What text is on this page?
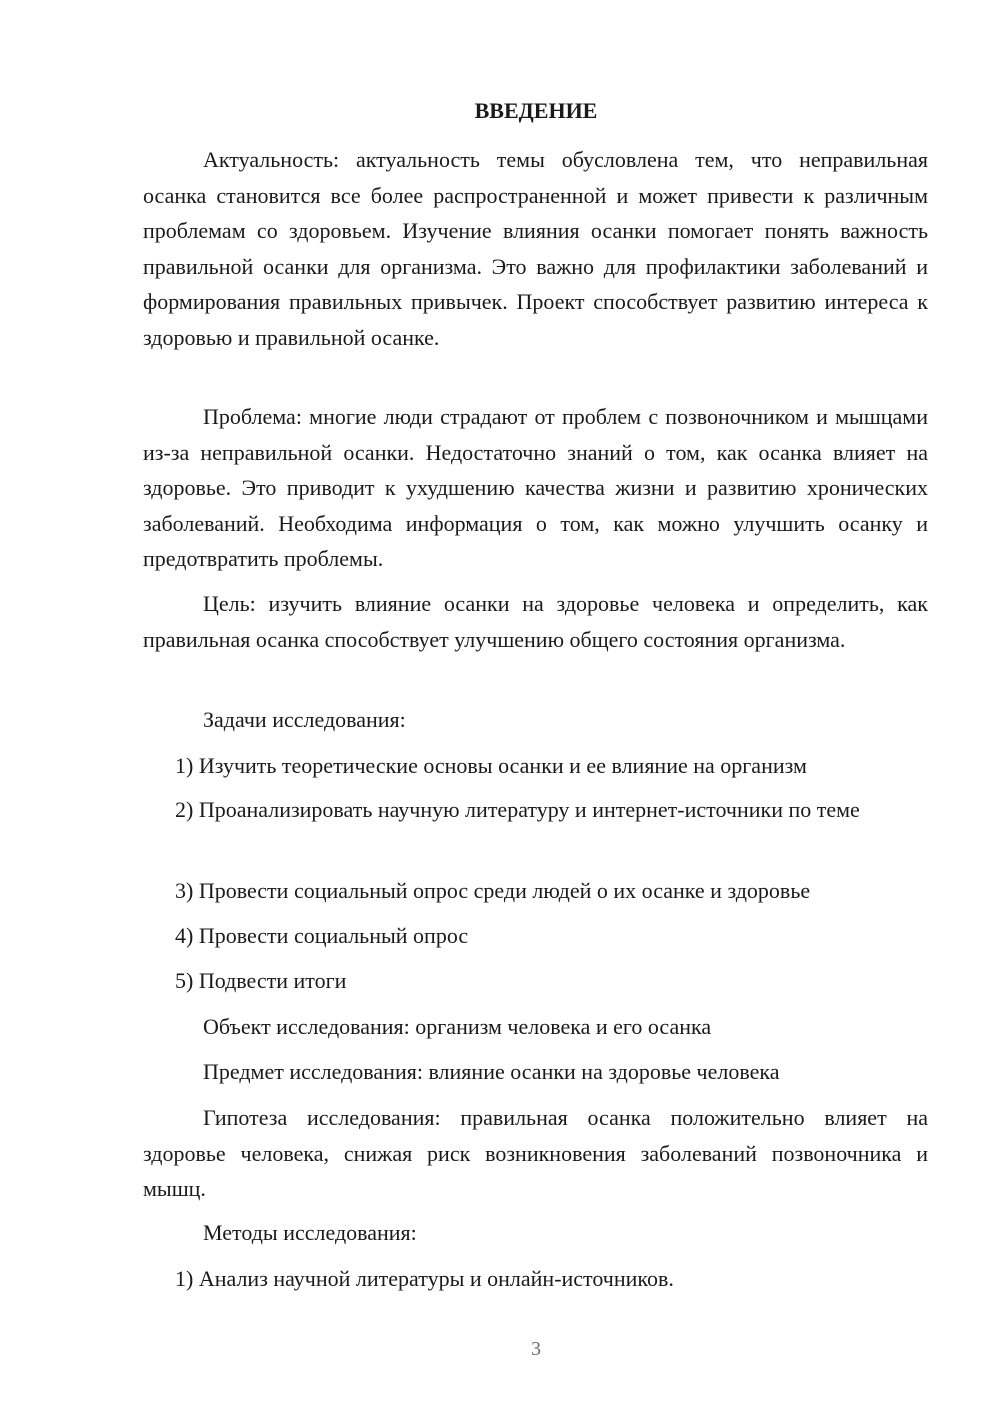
ВВЕДЕНИЕ

Актуальность: актуальность темы обусловлена тем, что неправильная осанка становится все более распространенной и может привести к различным проблемам со здоровьем. Изучение влияния осанки помогает понять важность правильной осанки для организма. Это важно для профилактики заболеваний и формирования правильных привычек. Проект способствует развитию интереса к здоровью и правильной осанке.

Проблема: многие люди страдают от проблем с позвоночником и мышцами из-за неправильной осанки. Недостаточно знаний о том, как осанка влияет на здоровье. Это приводит к ухудшению качества жизни и развитию хронических заболеваний. Необходима информация о том, как можно улучшить осанку и предотвратить проблемы.

Цель: изучить влияние осанки на здоровье человека и определить, как правильная осанка способствует улучшению общего состояния организма.

Задачи исследования:

1) Изучить теоретические основы осанки и ее влияние на организм

2) Проанализировать научную литературу и интернет-источники по теме

3) Провести социальный опрос среди людей о их осанке и здоровье

4) Провести социальный опрос

5) Подвести итоги

Объект исследования: организм человека и его осанка

Предмет исследования: влияние осанки на здоровье человека

Гипотеза исследования: правильная осанка положительно влияет на здоровье человека, снижая риск возникновения заболеваний позвоночника и мышц.

Методы исследования:

1) Анализ научной литературы и онлайн-источников.

3
